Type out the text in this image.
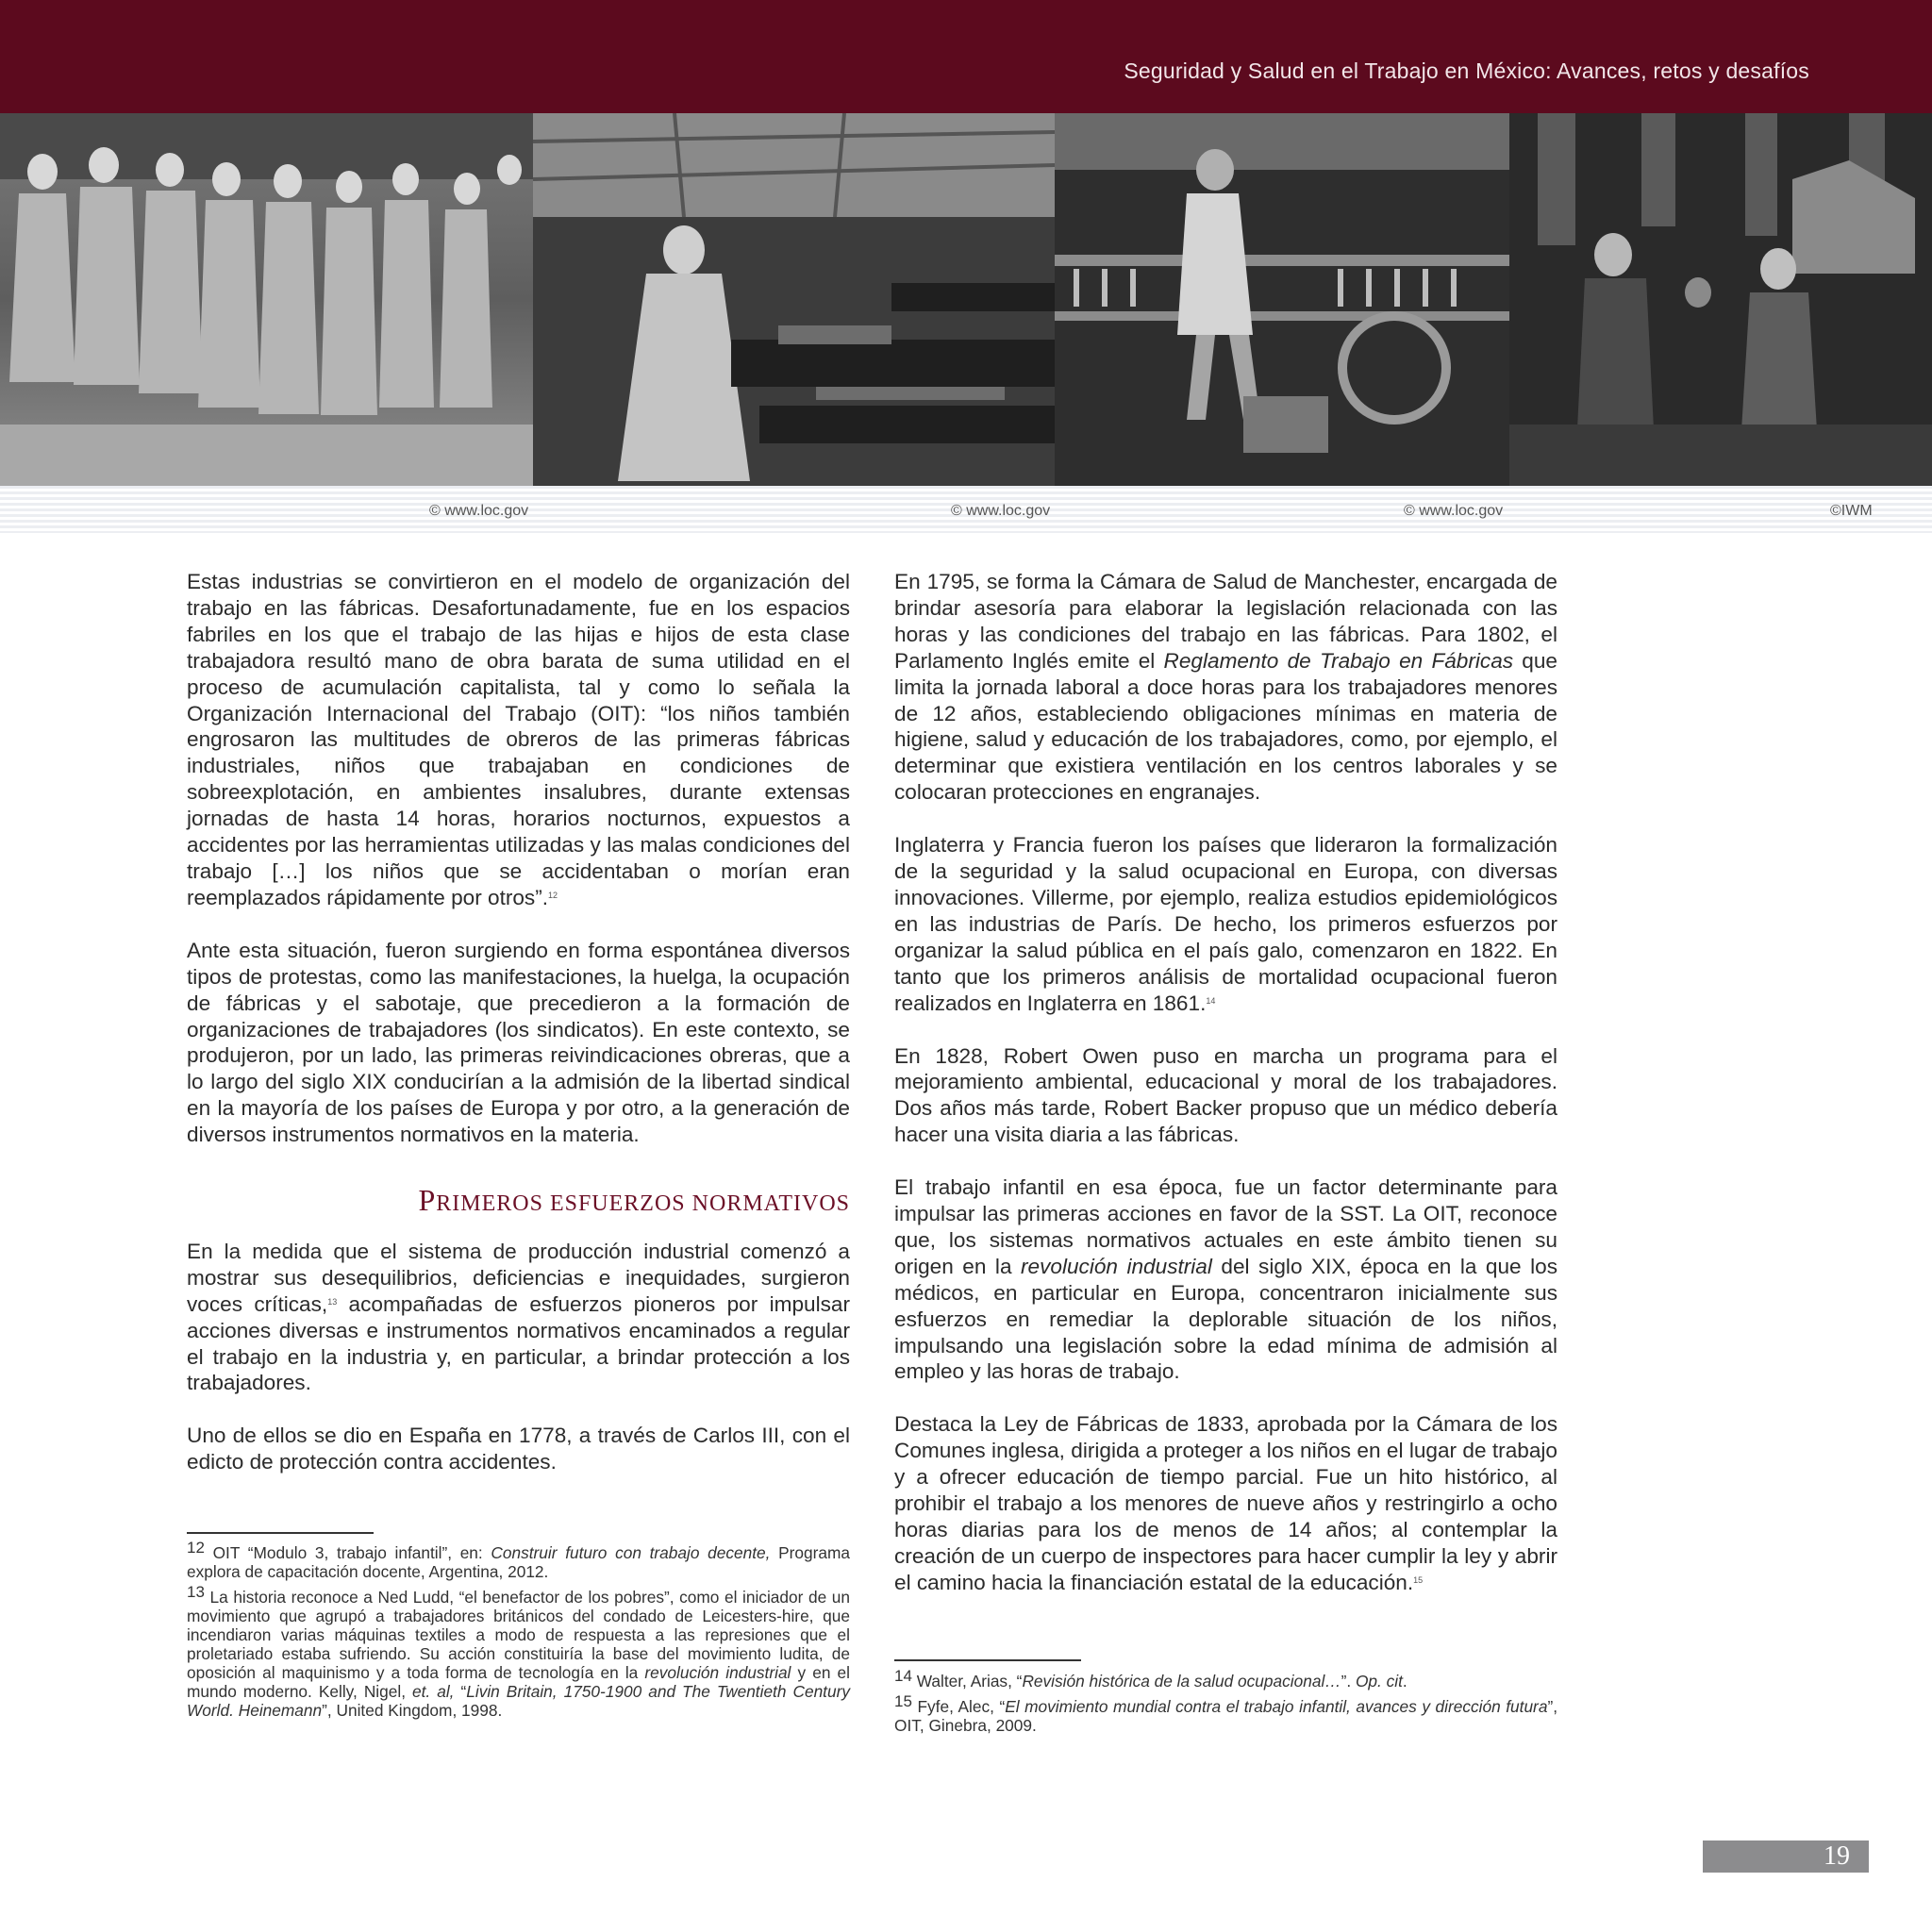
Seguridad y Salud en el Trabajo en México: Avances, retos y desafíos
© www.loc.gov	© www.loc.gov	© www.loc.gov	©IWM

Estas industrias se convirtieron en el modelo de organización del trabajo en las fábricas. Desafortunadamente, fue en los espacios fabriles en los que el trabajo de las hijas e hijos de esta clase trabajadora resultó mano de obra barata de suma utilidad en el proceso de acumulación capitalista, tal y como lo señala la Organización Internacional del Trabajo (OIT): “los niños también engrosaron las multitudes de obreros de las primeras fábricas industriales, niños que trabajaban en condiciones de sobreexplotación, en ambientes insalubres, durante extensas jornadas de hasta 14 horas, horarios nocturnos, expuestos a accidentes por las herramientas utilizadas y las malas condiciones del trabajo […] los niños que se accidentaban o morían eran reemplazados rápidamente por otros”.$^{12}$

Ante esta situación, fueron surgiendo en forma espontánea diversos tipos de protestas, como las manifestaciones, la huelga, la ocupación de fábricas y el sabotaje, que precedieron a la formación de organizaciones de trabajadores (los sindicatos). En este contexto, se produjeron, por un lado, las primeras reivindicaciones obreras, que a lo largo del siglo XIX conducirían a la admisión de la libertad sindical en la mayoría de los países de Europa y por otro, a la generación de diversos instrumentos normativos en la materia.

PRIMEROS ESFUERZOS NORMATIVOS

En la medida que el sistema de producción industrial comenzó a mostrar sus desequilibrios, deficiencias e inequidades, surgieron voces críticas,$^{13}$ acompañadas de esfuerzos pioneros por impulsar acciones diversas e instrumentos normativos encaminados a regular el trabajo en la industria y, en particular, a brindar protección a los trabajadores.

Uno de ellos se dio en España en 1778, a través de Carlos III, con el edicto de protección contra accidentes.

12 OIT “Modulo 3, trabajo infantil”, en: Construir futuro con trabajo decente, Programa explora de capacitación docente, Argentina, 2012.

13 La historia reconoce a Ned Ludd, “el benefactor de los pobres”, como el iniciador de un movimiento que agrupó a trabajadores británicos del condado de Leicesters-hire, que incendiaron varias máquinas textiles a modo de respuesta a las represiones que el proletariado estaba sufriendo. Su acción constituiría la base del movimiento ludita, de oposición al maquinismo y a toda forma de tecnología en la revolución industrial y en el mundo moderno. Kelly, Nigel, et. al, “Livin Britain, 1750-1900 and The Twentieth Century World. Heinemann”, United Kingdom, 1998.

En 1795, se forma la Cámara de Salud de Manchester, encargada de brindar asesoría para elaborar la legislación relacionada con las horas y las condiciones del trabajo en las fábricas. Para 1802, el Parlamento Inglés emite el Reglamento de Trabajo en Fábricas que limita la jornada laboral a doce horas para los trabajadores menores de 12 años, estableciendo obligaciones mínimas en materia de higiene, salud y educación de los trabajadores, como, por ejemplo, el determinar que existiera ventilación en los centros laborales y se colocaran protecciones en engranajes.

Inglaterra y Francia fueron los países que lideraron la formalización de la seguridad y la salud ocupacional en Europa, con diversas innovaciones. Villerme, por ejemplo, realiza estudios epidemiológicos en las industrias de París. De hecho, los primeros esfuerzos por organizar la salud pública en el país galo, comenzaron en 1822. En tanto que los primeros análisis de mortalidad ocupacional fueron realizados en Inglaterra en 1861.14

En 1828, Robert Owen puso en marcha un programa para el mejoramiento ambiental, educacional y moral de los trabajadores. Dos años más tarde, Robert Backer propuso que un médico debería hacer una visita diaria a las fábricas.

El trabajo infantil en esa época, fue un factor determinante para impulsar las primeras acciones en favor de la SST. La OIT, reconoce que, los sistemas normativos actuales en este ámbito tienen su origen en la revolución industrial del siglo XIX, época en la que los médicos, en particular en Europa, concentraron inicialmente sus esfuerzos en remediar la deplorable situación de los niños, impulsando una legislación sobre la edad mínima de admisión al empleo y las horas de trabajo.

Destaca la Ley de Fábricas de 1833, aprobada por la Cámara de los Comunes inglesa, dirigida a proteger a los niños en el lugar de trabajo y a ofrecer educación de tiempo parcial. Fue un hito histórico, al prohibir el trabajo a los menores de nueve años y restringirlo a ocho horas diarias para los de menos de 14 años; al contemplar la creación de un cuerpo de inspectores para hacer cumplir la ley y abrir el camino hacia la financiación estatal de la educación.$^{15}$

14 Walter, Arias, “Revisión histórica de la salud ocupacional…”. Op. cit.

15 Fyfe, Alec, “El movimiento mundial contra el trabajo infantil, avances y dirección futura”, OIT, Ginebra, 2009.

19
